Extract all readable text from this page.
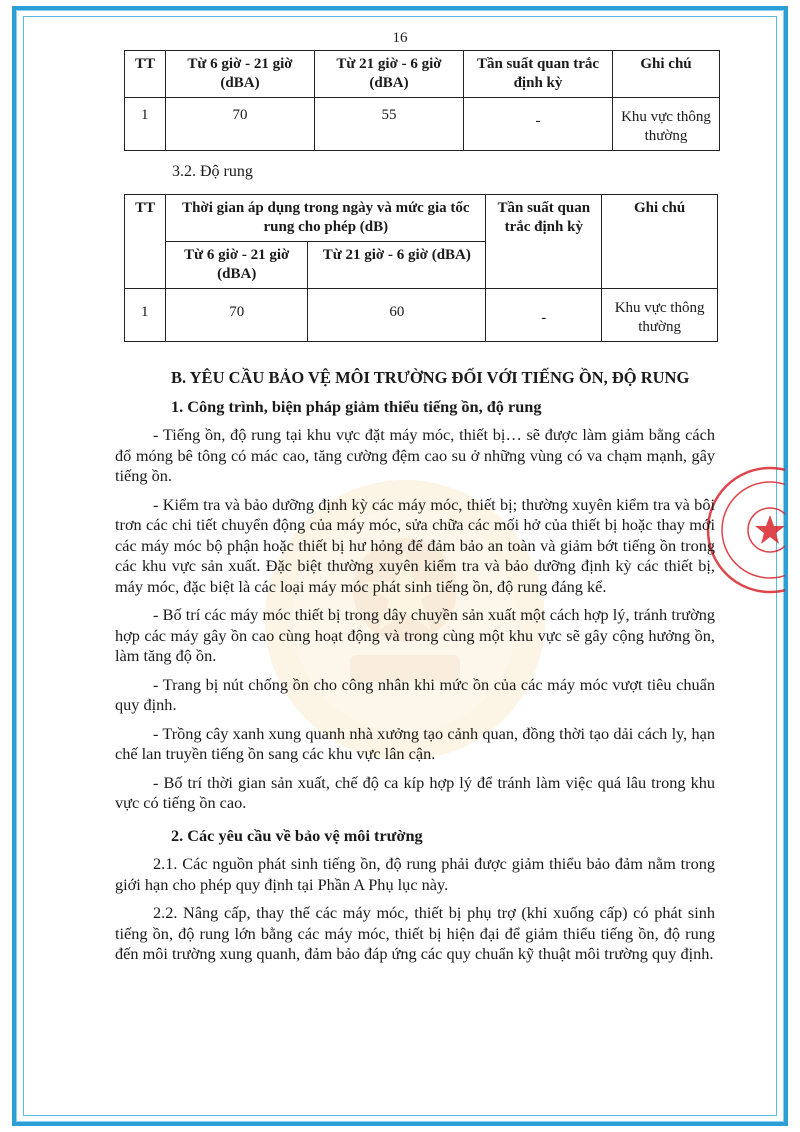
16
TT	Từ 6 giờ - 21 giờ (dBA)	Từ 21 giờ - 6 giờ (dBA)	Tần suất quan trắc định kỳ	Ghi chú
1	70	55	-	Khu vực thông thường
3.2. Độ rung
TT	Thời gian áp dụng trong ngày và mức gia tốc rung cho phép (dB)		Tần suất quan trắc định kỳ	Ghi chú
	Từ 6 giờ - 21 giờ (dBA)	Từ 21 giờ - 6 giờ (dBA)		
1	70	60	-	Khu vực thông thường

B. YÊU CẦU BẢO VỆ MÔI TRƯỜNG ĐỐI VỚI TIẾNG ỒN, ĐỘ RUNG

1. Công trình, biện pháp giảm thiểu tiếng ồn, độ rung

- Tiếng ồn, độ rung tại khu vực đặt máy móc, thiết bị… sẽ được làm giảm bằng cách đổ móng bê tông có mác cao, tăng cường đệm cao su ở những vùng có va chạm mạnh, gây tiếng ồn.

- Kiểm tra và bảo dưỡng định kỳ các máy móc, thiết bị; thường xuyên kiểm tra và bôi trơn các chi tiết chuyển động của máy móc, sửa chữa các mối hở của thiết bị hoặc thay mới các máy móc bộ phận hoặc thiết bị hư hỏng để đảm bảo an toàn và giảm bớt tiếng ồn trong các khu vực sản xuất. Đặc biệt thường xuyên kiểm tra và bảo dưỡng định kỳ các thiết bị, máy móc, đặc biệt là các loại máy móc phát sinh tiếng ồn, độ rung đáng kể.

- Bố trí các máy móc thiết bị trong dây chuyền sản xuất một cách hợp lý, tránh trường hợp các máy gây ồn cao cùng hoạt động và trong cùng một khu vực sẽ gây cộng hưởng ồn, làm tăng độ ồn.

- Trang bị nút chống ồn cho công nhân khi mức ồn của các máy móc vượt tiêu chuẩn quy định.

- Trồng cây xanh xung quanh nhà xưởng tạo cảnh quan, đồng thời tạo dải cách ly, hạn chế lan truyền tiếng ồn sang các khu vực lân cận.

- Bố trí thời gian sản xuất, chế độ ca kíp hợp lý để tránh làm việc quá lâu trong khu vực có tiếng ồn cao.

2. Các yêu cầu về bảo vệ môi trường

2.1. Các nguồn phát sinh tiếng ồn, độ rung phải được giảm thiểu bảo đảm nằm trong giới hạn cho phép quy định tại Phần A Phụ lục này.

2.2. Nâng cấp, thay thế các máy móc, thiết bị phụ trợ (khi xuống cấp) có phát sinh tiếng ồn, độ rung lớn bằng các máy móc, thiết bị hiện đại để giảm thiểu tiếng ồn, độ rung đến môi trường xung quanh, đảm bảo đáp ứng các quy chuẩn kỹ thuật môi trường quy định.
